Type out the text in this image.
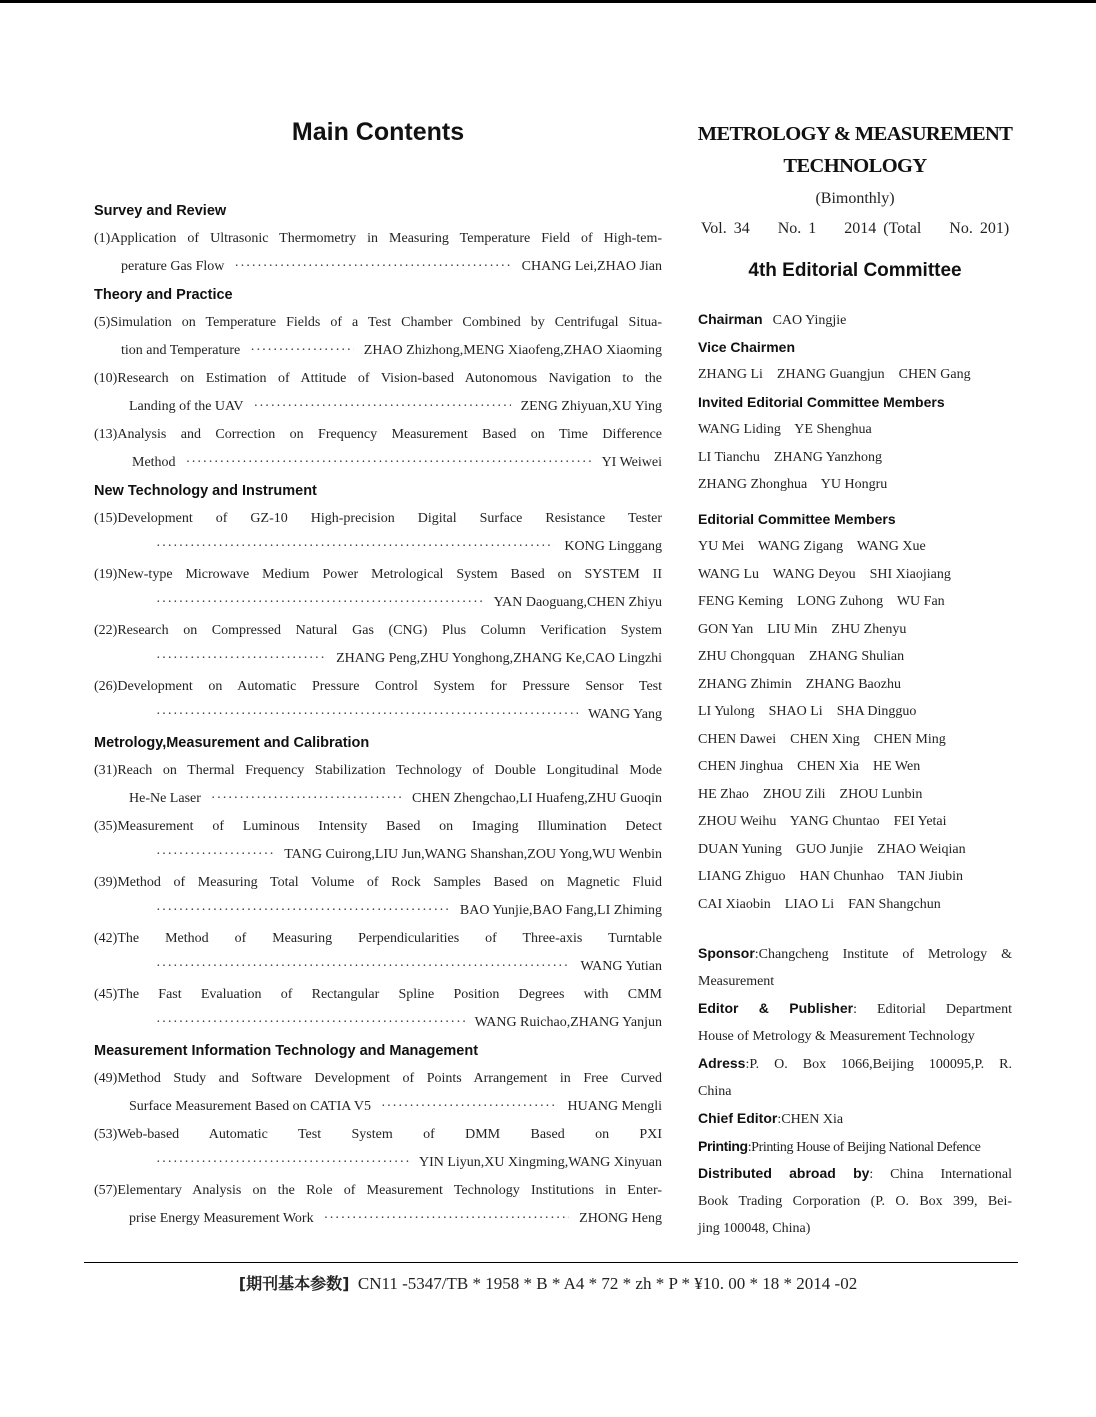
Main Contents
Survey and Review
(1) Application of Ultrasonic Thermometry in Measuring Temperature Field of High-tem-
perature Gas Flow ·····	CHANG Lei,ZHAO Jian
Theory and Practice
(5) Simulation on Temperature Fields of a Test Chamber Combined by Centrifugal Situa-
tion and Temperature ·····	ZHAO Zhizhong,MENG Xiaofeng,ZHAO Xiaoming
(10) Research on Estimation of Attitude of Vision-based Autonomous Navigation to the
Landing of the UAV ·····	ZENG Zhiyuan,XU Ying
(13) Analysis and Correction on Frequency Measurement Based on Time Difference
Method ·····	YI Weiwei
New Technology and Instrument
(15) Development of GZ-10 High-precision Digital Surface Resistance Tester
·····
KONG Linggang
(19) New-type Microwave Medium Power Metrological System Based on SYSTEM II
·····
YAN Daoguang,CHEN Zhiyu
(22) Research on Compressed Natural Gas (CNG) Plus Column Verification System
·····
ZHANG Peng,ZHU Yonghong,ZHANG Ke,CAO Lingzhi
(26) Development on Automatic Pressure Control System for Pressure Sensor Test
·····
WANG Yang
Metrology,Measurement and Calibration
(31) Reach on Thermal Frequency Stabilization Technology of Double Longitudinal Mode
He-Ne Laser ·····	CHEN Zhengchao,LI Huafeng,ZHU Guoqin
(35) Measurement of Luminous Intensity Based on Imaging Illumination Detect
·····
TANG Cuirong,LIU Jun,WANG Shanshan,ZOU Yong,WU Wenbin
(39) Method of Measuring Total Volume of Rock Samples Based on Magnetic Fluid
·····
BAO Yunjie,BAO Fang,LI Zhiming
(42) The Method of Measuring Perpendicularities of Three-axis Turntable
·····
WANG Yutian
(45) The Fast Evaluation of Rectangular Spline Position Degrees with CMM
·····
WANG Ruichao,ZHANG Yanjun
Measurement Information Technology and Management
(49) Method Study and Software Development of Points Arrangement in Free Curved
Surface Measurement Based on CATIA V5 ·····	HUANG Mengli
(53) Web-based Automatic Test System of DMM Based on PXI
·····
YIN Liyun,XU Xingming,WANG Xinyuan
(57) Elementary Analysis on the Role of Measurement Technology Institutions in Enter-
prise Energy Measurement Work ·····	ZHONG Heng
METROLOGY & MEASUREMENT
TECHNOLOGY
(Bimonthly)
Vol. 34    No. 1    2014 (Total    No. 201)
4th Editorial Committee
Chairman CAO Yingjie
Vice Chairmen
ZHANG Li    ZHANG Guangjun    CHEN Gang
Invited Editorial Committee Members
WANG Liding    YE Shenghua
LI Tianchu    ZHANG Yanzhong
ZHANG Zhonghua    YU Hongru
Editorial Committee Members
YU Mei    WANG Zigang    WANG Xue
WANG Lu    WANG Deyou    SHI Xiaojiang
FENG Keming    LONG Zuhong    WU Fan
GON Yan    LIU Min    ZHU Zhenyu
ZHU Chongquan    ZHANG Shulian
ZHANG Zhimin    ZHANG Baozhu
LI Yulong    SHAO Li    SHA Dingguo
CHEN Dawei    CHEN Xing    CHEN Ming
CHEN Jinghua    CHEN Xia    HE Wen
HE Zhao    ZHOU Zili    ZHOU Lunbin
ZHOU Weihu    YANG Chuntao    FEI Yetai
DUAN Yuning    GUO Junjie    ZHAO Weiqian
LIANG Zhiguo    HAN Chunhao    TAN Jiubin
CAI Xiaobin    LIAO Li    FAN Shangchun
Sponsor:Changcheng Institute of Metrology &
Measurement
Editor & Publisher: Editorial Department
House of Metrology & Measurement Technology
Adress:P. O. Box 1066,Beijing 100095,P. R.
China
Chief Editor:CHEN Xia
Printing:Printing House of Beijing National Defence
Distributed abroad by: China International
Book Trading Corporation (P. O. Box 399, Bei-
jing 100048, China)
[期刊基本参数] CN11 -5347/TB * 1958 * B * A4 * 72 * zh * P * ¥10. 00 * 18 * 2014 -02
